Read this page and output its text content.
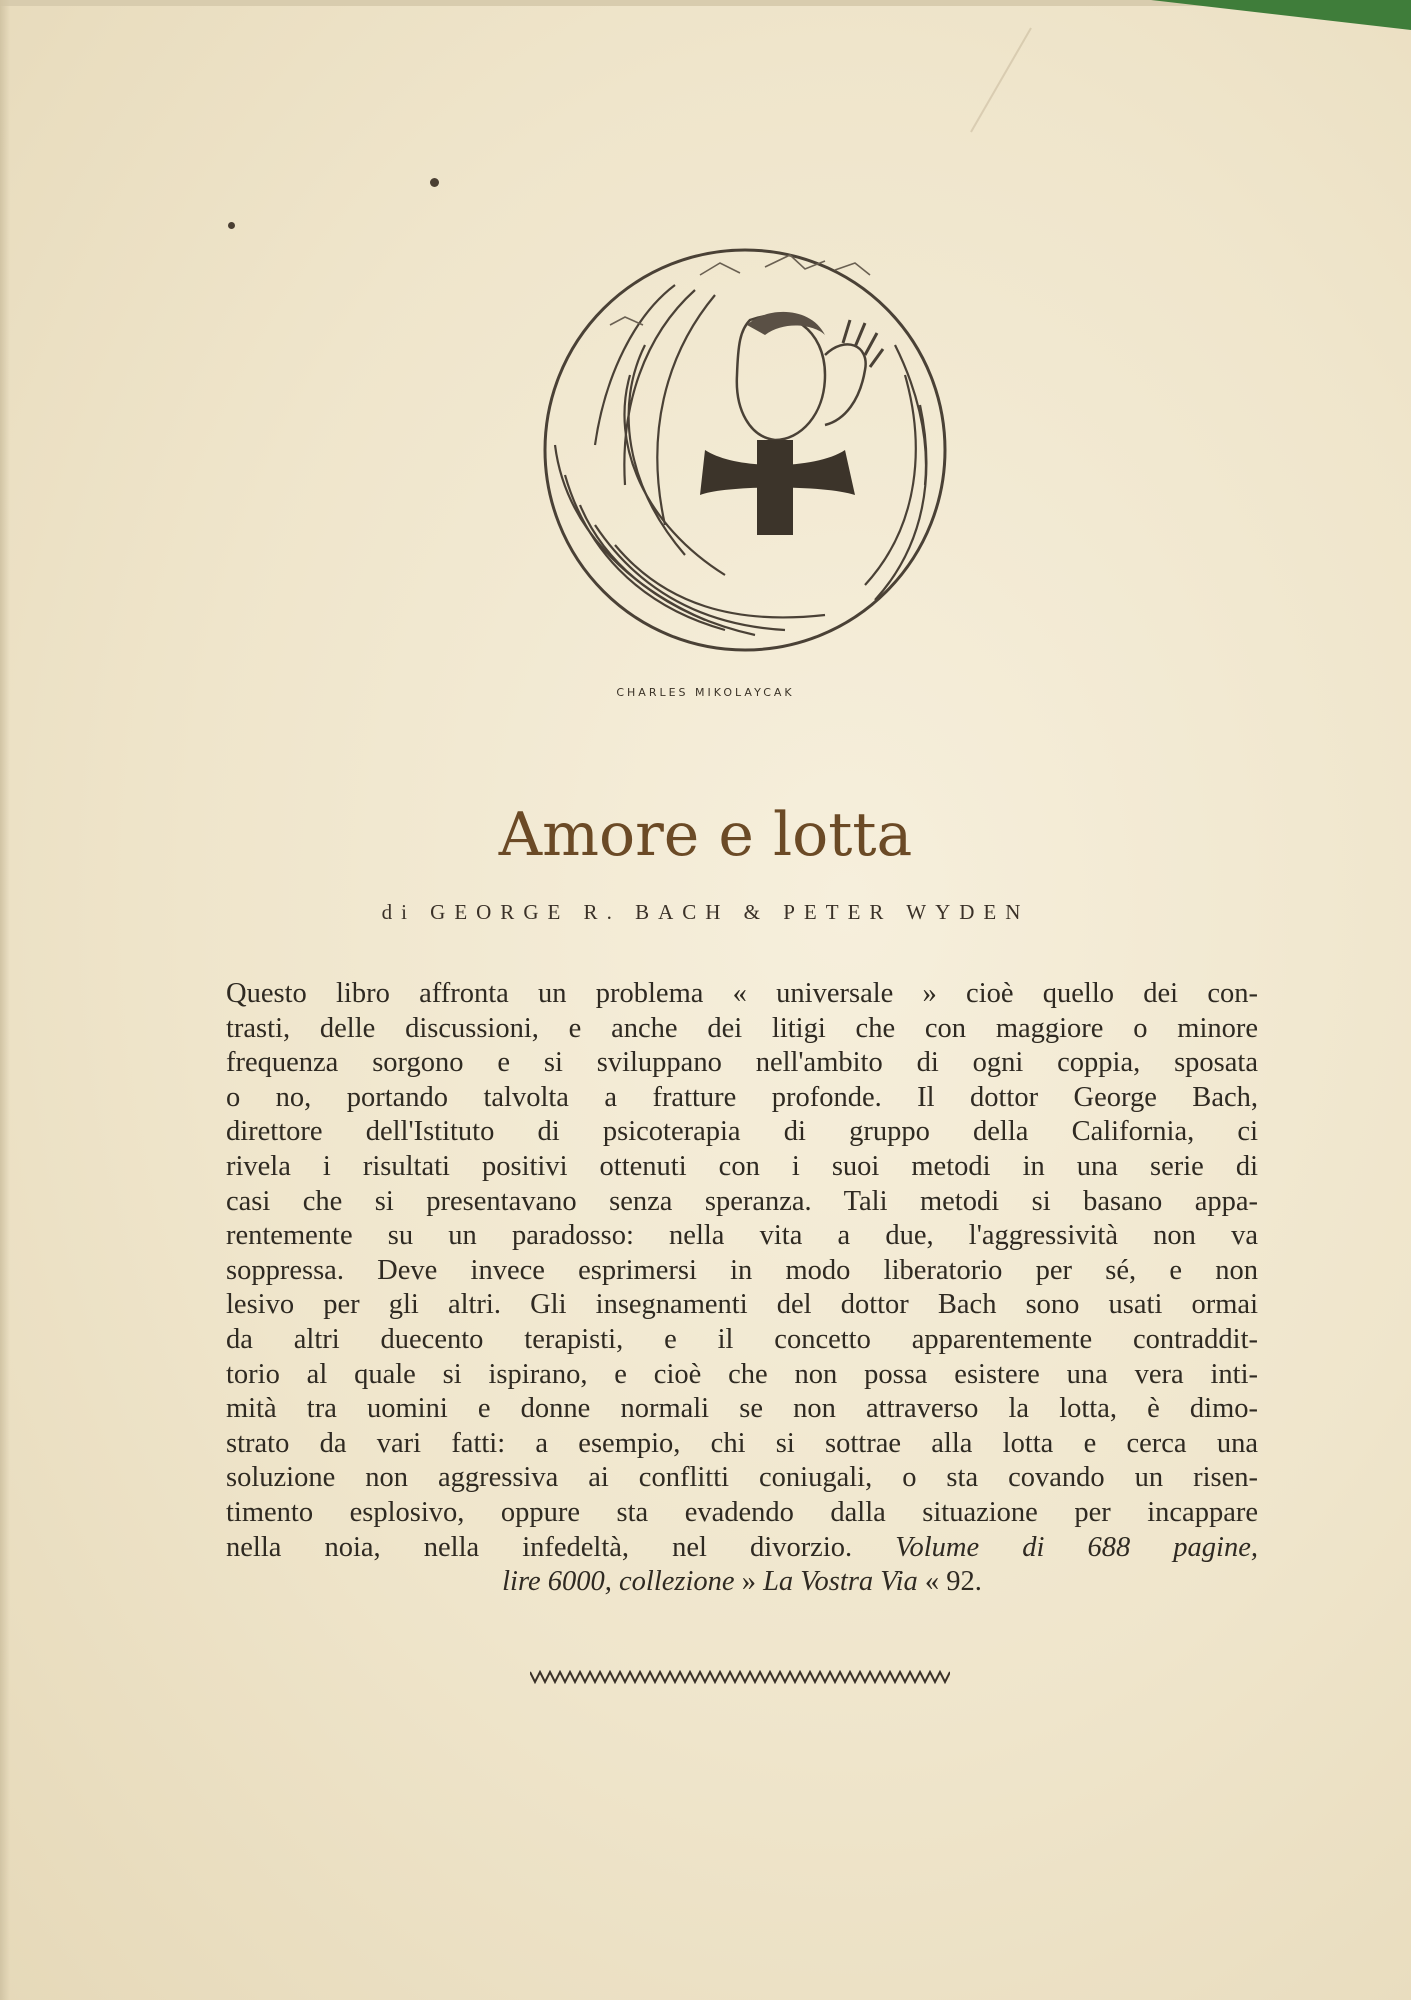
CHARLES MIKOLAYCAK
Amore e lotta
di GEORGE R. BACH & PETER WYDEN
Questo libro affronta un problema « universale » cioè quello dei con-
trasti, delle discussioni, e anche dei litigi che con maggiore o minore
frequenza sorgono e si sviluppano nell'ambito di ogni coppia, sposata
o no, portando talvolta a fratture profonde. Il dottor George Bach,
direttore dell'Istituto di psicoterapia di gruppo della California, ci
rivela i risultati positivi ottenuti con i suoi metodi in una serie di
casi che si presentavano senza speranza. Tali metodi si basano appa-
rentemente su un paradosso: nella vita a due, l'aggressività non va
soppressa. Deve invece esprimersi in modo liberatorio per sé, e non
lesivo per gli altri. Gli insegnamenti del dottor Bach sono usati ormai
da altri duecento terapisti, e il concetto apparentemente contraddit-
torio al quale si ispirano, e cioè che non possa esistere una vera inti-
mità tra uomini e donne normali se non attraverso la lotta, è dimo-
strato da vari fatti: a esempio, chi si sottrae alla lotta e cerca una
soluzione non aggressiva ai conflitti coniugali, o sta covando un risen-
timento esplosivo, oppure sta evadendo dalla situazione per incappare
nella noia, nella infedeltà, nel divorzio. Volume di 688 pagine,
lire 6000, collezione » La Vostra Via « 92.
